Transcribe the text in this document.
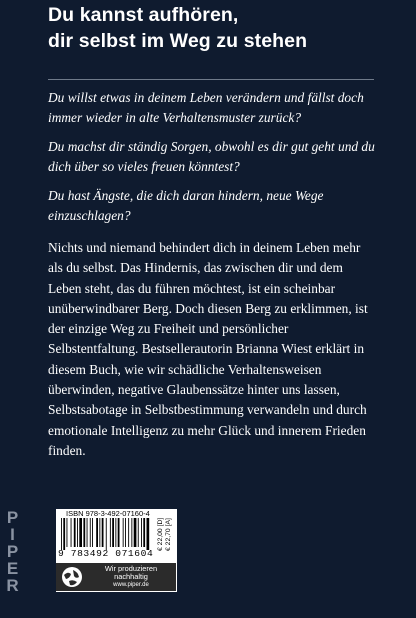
Du kannst aufhören,
dir selbst im Weg zu stehen

Du willst etwas in deinem Leben verändern und fällst doch immer wieder in alte Verhaltensmuster zurück?

Du machst dir ständig Sorgen, obwohl es dir gut geht und du dich über so vieles freuen könntest?

Du hast Ängste, die dich daran hindern, neue Wege einzuschlagen?

Nichts und niemand behindert dich in deinem Leben mehr als du selbst. Das Hindernis, das zwischen dir und dem Leben steht, das du führen möchtest, ist ein scheinbar unüberwindbarer Berg. Doch diesen Berg zu erklimmen, ist der einzige Weg zu Freiheit und persönlicher Selbstentfaltung. Bestsellerautorin Brianna Wiest erklärt in diesem Buch, wie wir schädliche Verhaltensweisen überwinden, negative Glaubenssätze hinter uns lassen, Selbstsabotage in Selbstbestimmung verwandeln und durch emotionale Intelligenz zu mehr Glück und innerem Frieden finden.

PIPER	ISBN 978-3-492-07160-4
€ 22,00 [D] € 22,70 [A]
9 783492 071604
Wir produzieren
nachhaltig
www.piper.de
